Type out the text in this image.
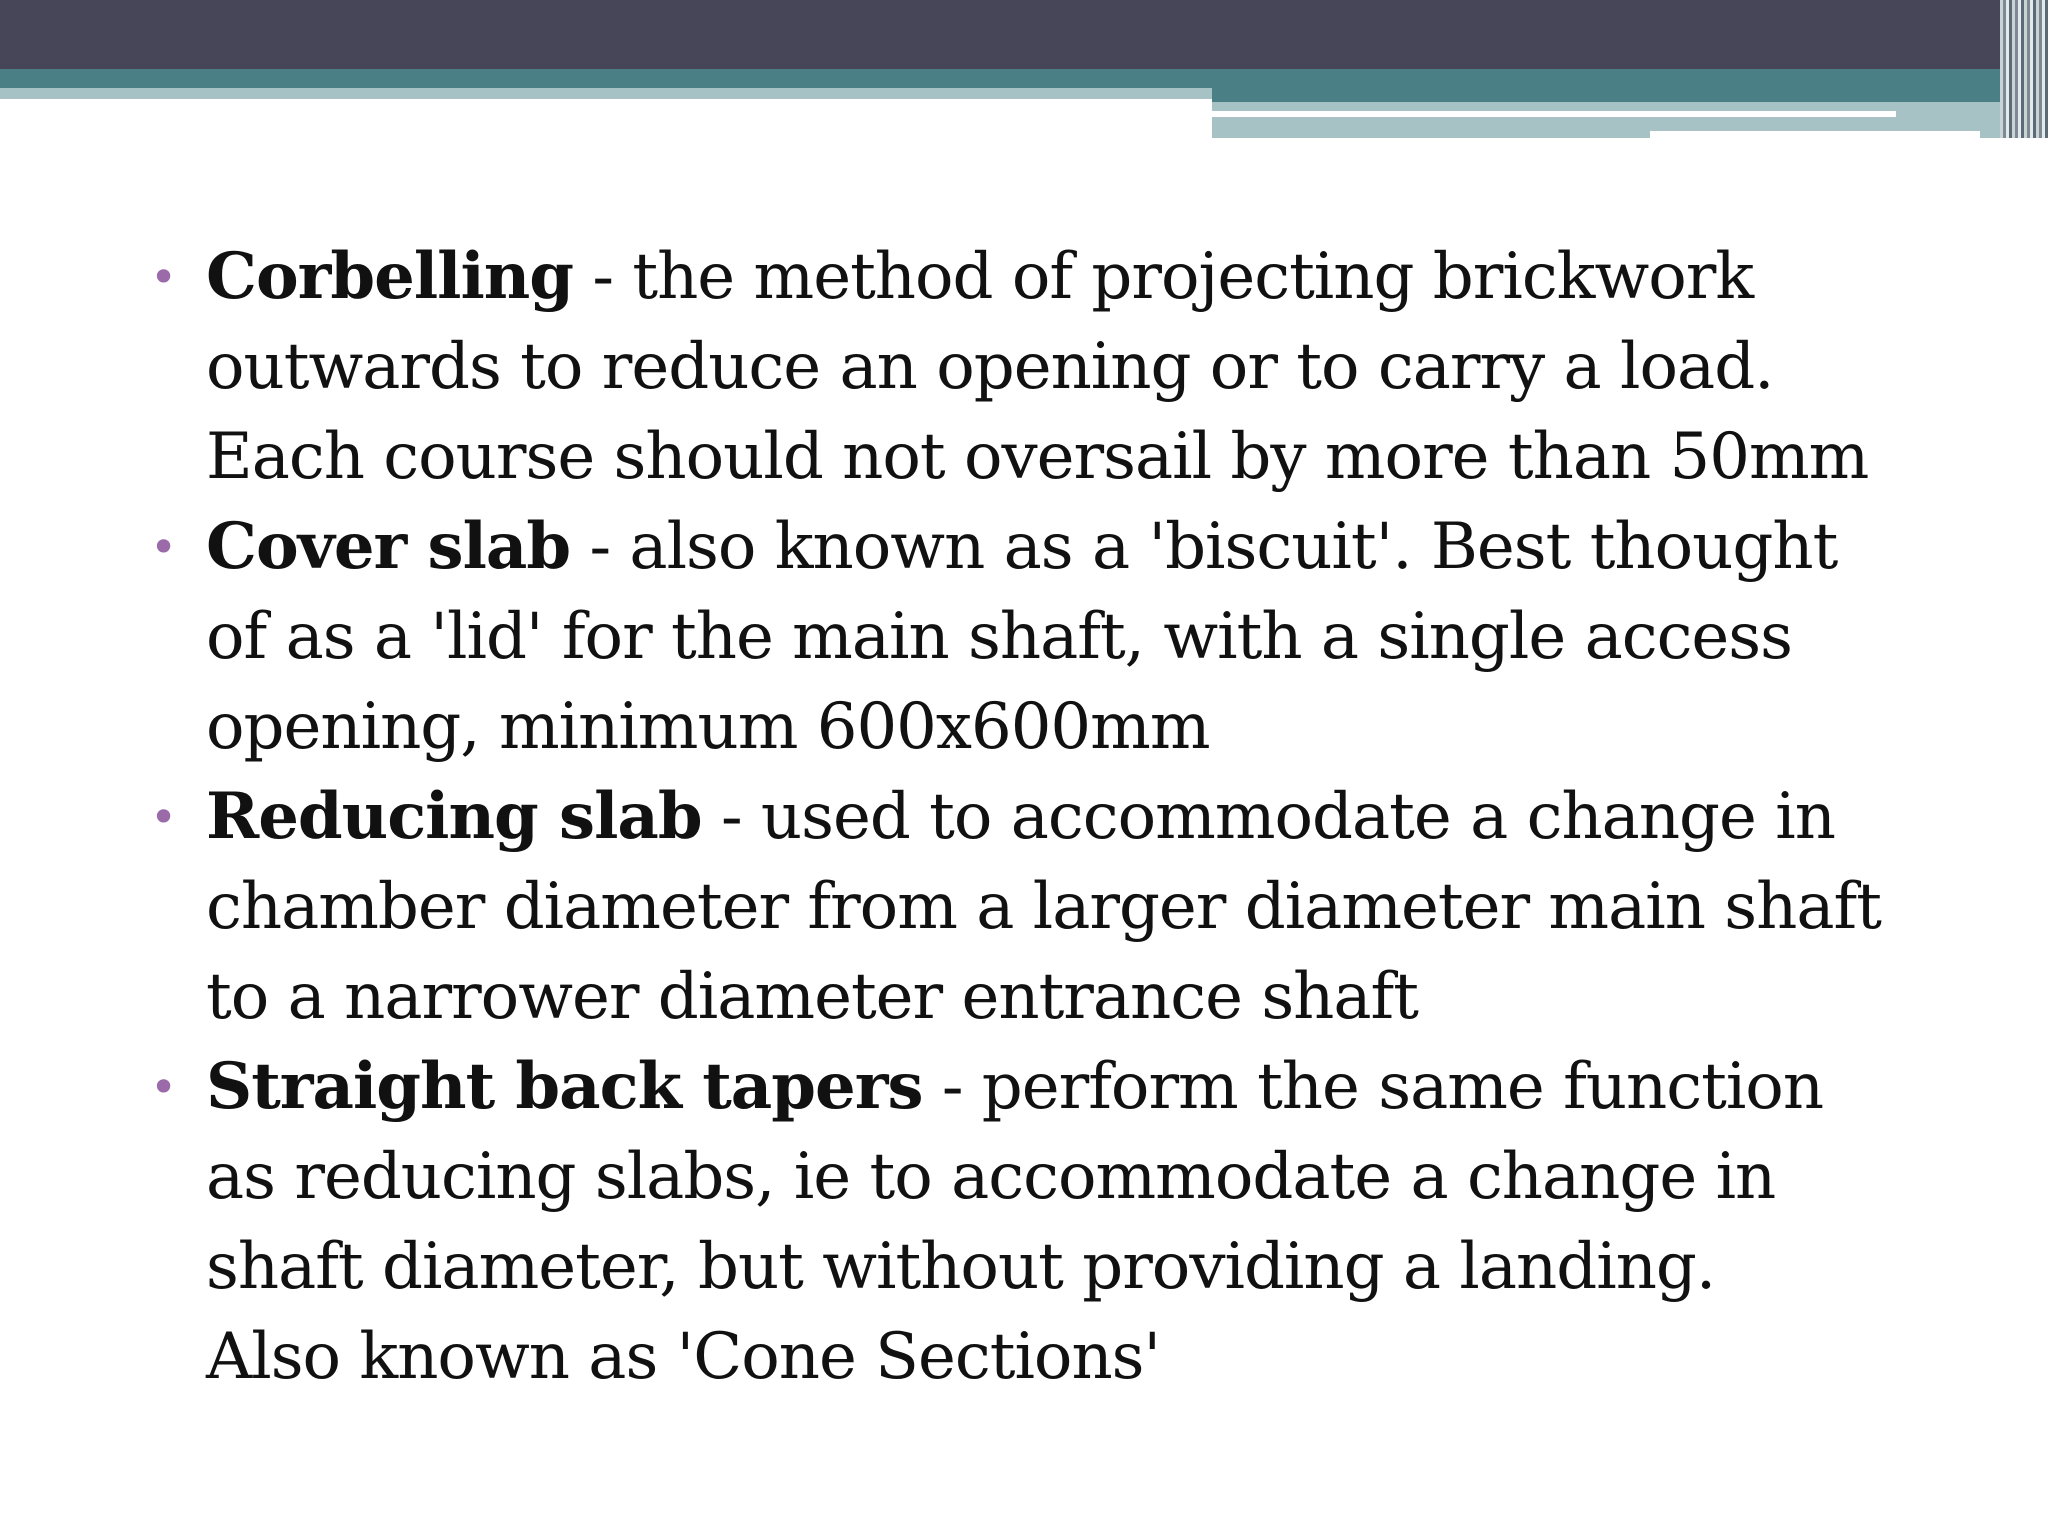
• Corbelling - the method of projecting brickwork
outwards to reduce an opening or to carry a load.
Each course should not oversail by more than 50mm
• Cover slab - also known as a 'biscuit'. Best thought
of as a 'lid' for the main shaft, with a single access
opening, minimum 600x600mm
• Reducing slab - used to accommodate a change in
chamber diameter from a larger diameter main shaft
to a narrower diameter entrance shaft
• Straight back tapers - perform the same function
as reducing slabs, ie to accommodate a change in
shaft diameter, but without providing a landing.
Also known as 'Cone Sections'
